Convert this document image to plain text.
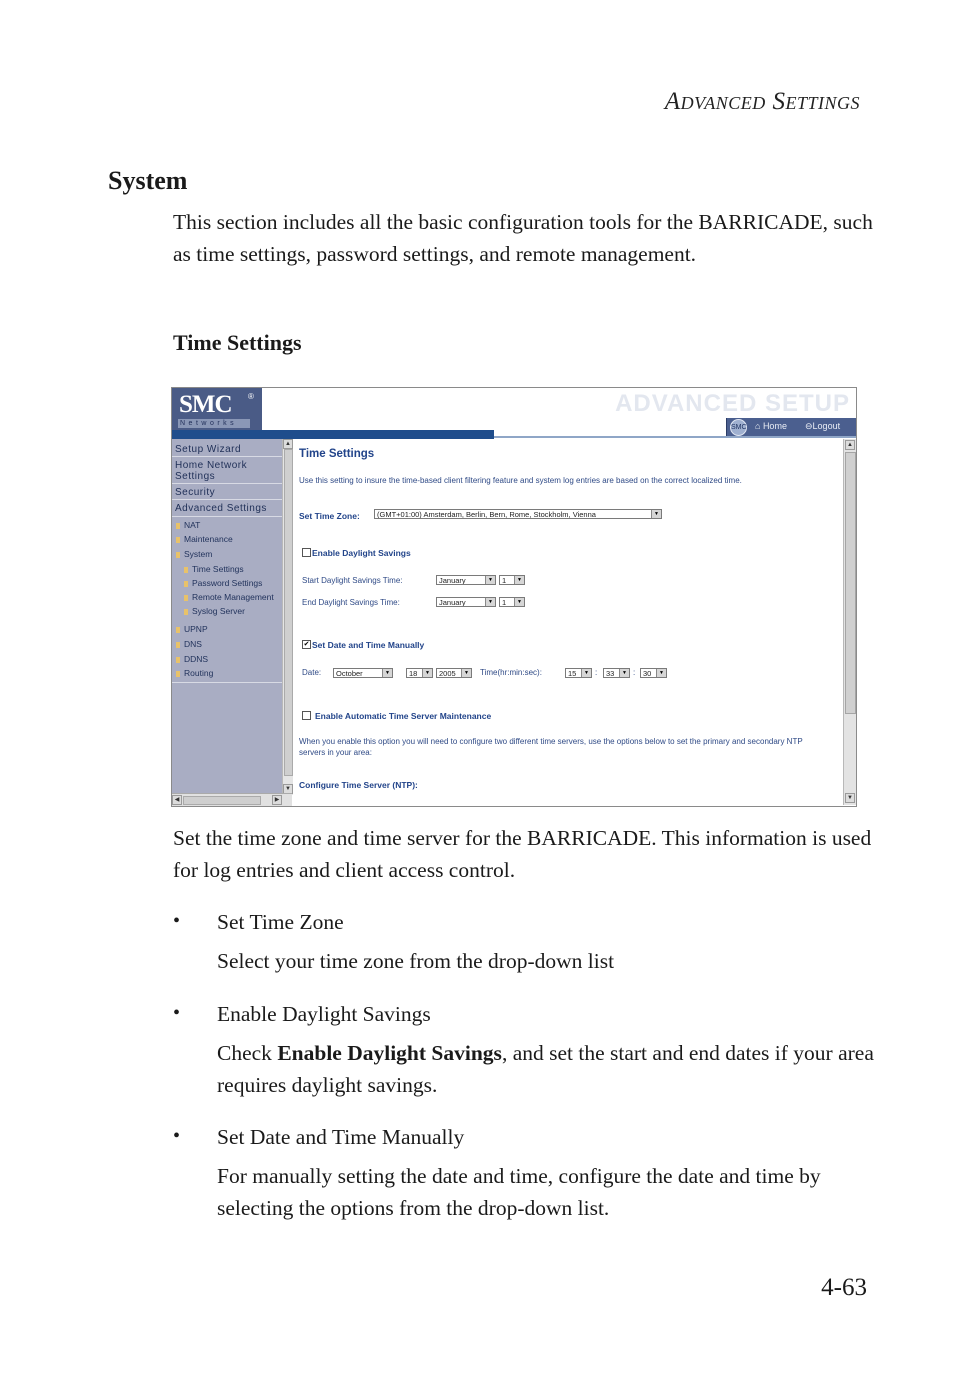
Advanced Settings
System
This section includes all the basic configuration tools for the BARRICADE, such as time settings, password settings, and remote management.
Time Settings
SMC ®
Networks
ADVANCED SETUP
SMC ⌂ Home ⊖Logout
Setup Wizard
Home Network
Settings
Security
Advanced Settings
NAT
Maintenance
System
Time Settings
Password Settings
Remote Management
Syslog Server
UPNP
DNS
DDNS
Routing
▲
▼
◀	▶
Time Settings
Use this setting to insure the time-based client filtering feature and system log entries are based on the correct localized time.
Set Time Zone:	(GMT+01:00) Amsterdam, Berlin, Bern, Rome, Stockholm, Vienna	▼
Enable Daylight Savings
Start Daylight Savings Time:	January	▼	1	▼
End Daylight Savings Time:	January	▼	1	▼
✔ Set Date and Time Manually
Date:	October	▼	18	▼	2005	▼ Time(hr:min:sec):	15	▼ :	33	▼ :	30	▼
Enable Automatic Time Server Maintenance
When you enable this option you will need to configure two different time servers, use the options below to set the primary and secondary NTP servers in your area:
Configure Time Server (NTP):
▲
▼
Set the time zone and time server for the BARRICADE. This information is used for log entries and client access control.
• Set Time Zone
Select your time zone from the drop-down list
• Enable Daylight Savings
Check Enable Daylight Savings, and set the start and end dates if your area requires daylight savings.
• Set Date and Time Manually
For manually setting the date and time, configure the date and time by selecting the options from the drop-down list.
4-63
